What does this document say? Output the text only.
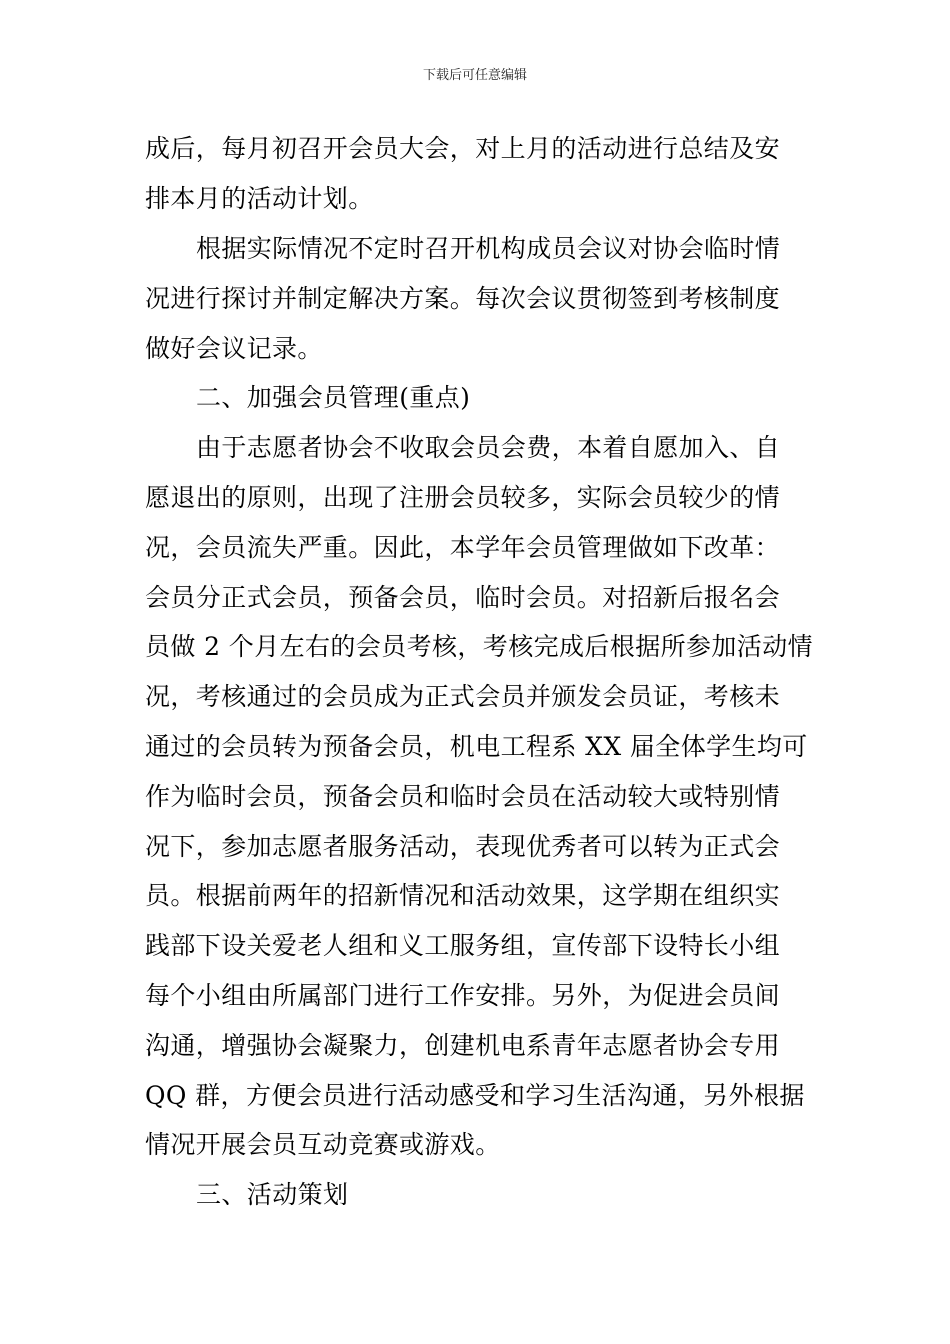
下载后可任意编辑
成后，每月初召开会员大会，对上月的活动进行总结及安
排本月的活动计划。
根据实际情况不定时召开机构成员会议对协会临时情
况进行探讨并制定解决方案。每次会议贯彻签到考核制度
做好会议记录。
二、加强会员管理(重点)
由于志愿者协会不收取会员会费，本着自愿加入、自
愿退出的原则，出现了注册会员较多，实际会员较少的情
况，会员流失严重。因此，本学年会员管理做如下改革：
会员分正式会员，预备会员，临时会员。对招新后报名会
员做 2 个月左右的会员考核，考核完成后根据所参加活动情
况，考核通过的会员成为正式会员并颁发会员证，考核未
通过的会员转为预备会员，机电工程系 XX 届全体学生均可
作为临时会员，预备会员和临时会员在活动较大或特别情
况下，参加志愿者服务活动，表现优秀者可以转为正式会
员。根据前两年的招新情况和活动效果，这学期在组织实
践部下设关爱老人组和义工服务组，宣传部下设特长小组
每个小组由所属部门进行工作安排。另外，为促进会员间
沟通，增强协会凝聚力，创建机电系青年志愿者协会专用
QQ 群，方便会员进行活动感受和学习生活沟通，另外根据
情况开展会员互动竞赛或游戏。
三、活动策划
